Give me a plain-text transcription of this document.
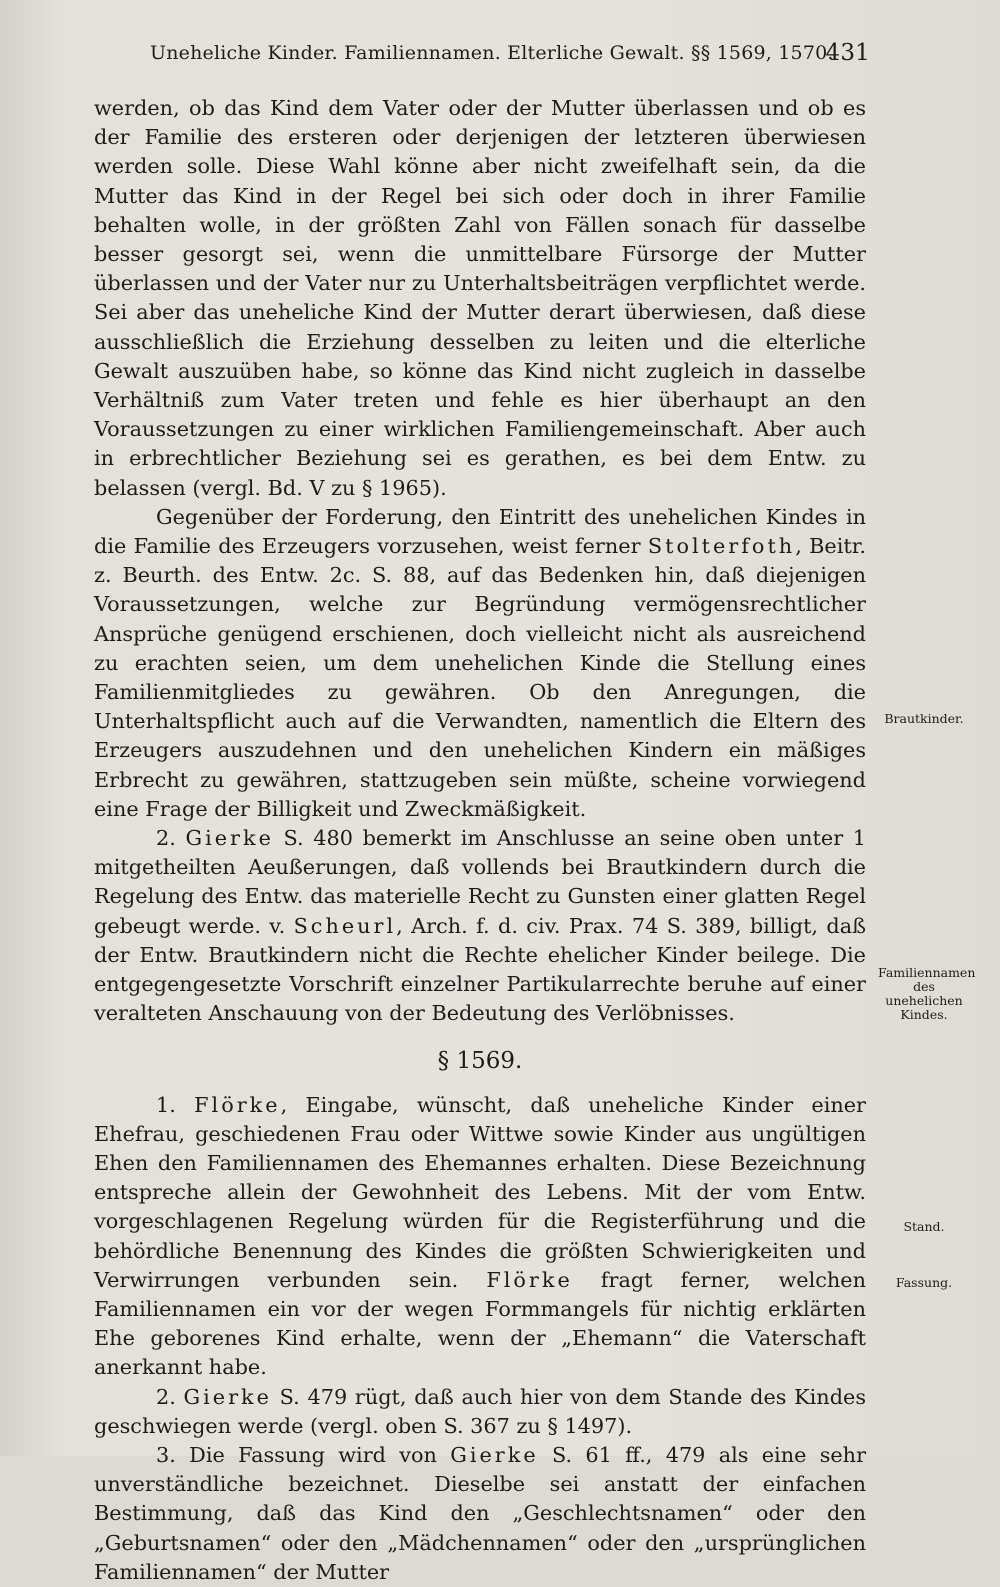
Uneheliche Kinder. Familiennamen. Elterliche Gewalt. §§ 1569, 1570.
431

werden, ob das Kind dem Vater oder der Mutter überlassen und ob es der Familie des ersteren oder derjenigen der letzteren überwiesen werden solle. Diese Wahl könne aber nicht zweifelhaft sein, da die Mutter das Kind in der Regel bei sich oder doch in ihrer Familie behalten wolle, in der größten Zahl von Fällen sonach für dasselbe besser gesorgt sei, wenn die unmittelbare Fürsorge der Mutter überlassen und der Vater nur zu Unterhaltsbeiträgen verpflichtet werde. Sei aber das uneheliche Kind der Mutter derart überwiesen, daß diese ausschließlich die Erziehung desselben zu leiten und die elterliche Gewalt auszuüben habe, so könne das Kind nicht zugleich in dasselbe Verhältniß zum Vater treten und fehle es hier überhaupt an den Voraussetzungen zu einer wirklichen Familiengemeinschaft. Aber auch in erbrechtlicher Beziehung sei es gerathen, es bei dem Entw. zu belassen (vergl. Bd. V zu § 1965).

Gegenüber der Forderung, den Eintritt des unehelichen Kindes in die Familie des Erzeugers vorzusehen, weist ferner Stolterfoth, Beitr. z. Beurth. des Entw. 2c. S. 88, auf das Bedenken hin, daß diejenigen Voraussetzungen, welche zur Begründung vermögensrechtlicher Ansprüche genügend erschienen, doch vielleicht nicht als ausreichend zu erachten seien, um dem unehelichen Kinde die Stellung eines Familienmitgliedes zu gewähren. Ob den Anregungen, die Unterhaltspflicht auch auf die Verwandten, namentlich die Eltern des Erzeugers auszudehnen und den unehelichen Kindern ein mäßiges Erbrecht zu gewähren, stattzugeben sein müßte, scheine vorwiegend eine Frage der Billigkeit und Zweckmäßigkeit.

2. Gierke S. 480 bemerkt im Anschlusse an seine oben unter 1 mitgetheilten Aeußerungen, daß vollends bei Brautkindern durch die Regelung des Entw. das materielle Recht zu Gunsten einer glatten Regel gebeugt werde. v. Scheurl, Arch. f. d. civ. Prax. 74 S. 389, billigt, daß der Entw. Brautkindern nicht die Rechte ehelicher Kinder beilege. Die entgegengesetzte Vorschrift einzelner Partikularrechte beruhe auf einer veralteten Anschauung von der Bedeutung des Verlöbnisses.

§ 1569.

1. Flörke, Eingabe, wünscht, daß uneheliche Kinder einer Ehefrau, geschiedenen Frau oder Wittwe sowie Kinder aus ungültigen Ehen den Familiennamen des Ehemannes erhalten. Diese Bezeichnung entspreche allein der Gewohnheit des Lebens. Mit der vom Entw. vorgeschlagenen Regelung würden für die Registerführung und die behördliche Benennung des Kindes die größten Schwierigkeiten und Verwirrungen verbunden sein. Flörke fragt ferner, welchen Familiennamen ein vor der wegen Formmangels für nichtig erklärten Ehe geborenes Kind erhalte, wenn der „Ehemann“ die Vaterschaft anerkannt habe.

2. Gierke S. 479 rügt, daß auch hier von dem Stande des Kindes geschwiegen werde (vergl. oben S. 367 zu § 1497).

3. Die Fassung wird von Gierke S. 61 ff., 479 als eine sehr unverständliche bezeichnet. Dieselbe sei anstatt der einfachen Bestimmung, daß das Kind den „Geschlechtsnamen“ oder den „Geburtsnamen“ oder den „Mädchennamen“ oder den „ursprünglichen Familiennamen“ der Mutter

Brautkinder.
Familiennamen des unehelichen Kindes.
Stand.
Fassung.
